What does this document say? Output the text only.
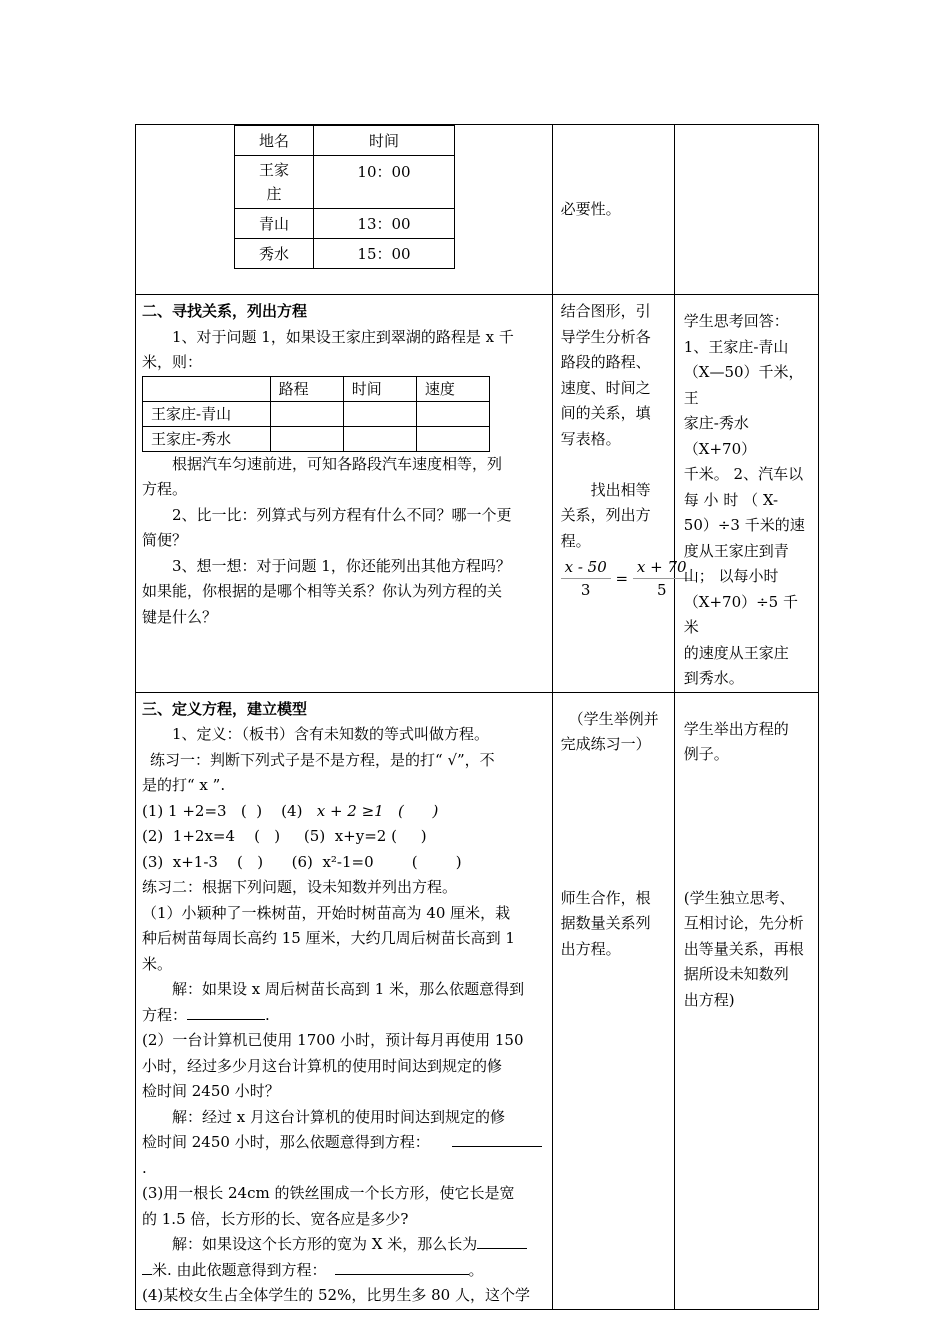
地名	时间
王家庄	10：00
青山	13：00
秀水	15：00

必要性。

二、寻找关系，列出方程

1、对于问题 1，如果设王家庄到翠湖的路程是 x 千

米，则：

	路程	时间	速度
王家庄-青山			
王家庄-秀水			

根据汽车匀速前进，可知各路段汽车速度相等，列

方程。

2、比一比：列算式与列方程有什么不同？哪一个更

简便？

3、想一想：对于问题 1，你还能列出其他方程吗？

如果能，你根据的是哪个相等关系？你认为列方程的关

键是什么？

结合图形，引

导学生分析各

路段的路程、

速度、时间之

间的关系，填

写表格。

找出相等

关系，列出方

程。

$\frac{x - 50}{3} = \frac{x + 70}{5}$

学生思考回答：

1、王家庄-青山

（X—50）千米，王

家庄-秀水（X+70）

千米。 2、汽车以

每 小 时 （ X-

50）÷3 千米的速

度从王家庄到青

山； 以每小时

（X+70）÷5 千米

的速度从王家庄

到秀水。

三、定义方程，建立模型

1、定义：（板书）含有未知数的等式叫做方程。

练习一：判断下列式子是不是方程，是的打“ √”，不

是的打“ x ”.

(1) 1 +2=3   (  )    (4) x + 2 ≥1   (      )

(2)  1+2x=4    (   )     (5)  x+y=2 (     )

(3)  x+1-3    (   )      (6)  x²-1=0        (        )

练习二：根据下列问题，设未知数并列出方程。

（1）小颖种了一株树苗，开始时树苗高为 40 厘米，栽

种后树苗每周长高约 15 厘米，大约几周后树苗长高到 1

米。

解：如果设 x 周后树苗长高到 1 米，那么依题意得到

方程：	.

(2）一台计算机已使用 1700 小时，预计每月再使用 150

小时，经过多少月这台计算机的使用时间达到规定的修

检时间 2450 小时？

解：经过 x 月这台计算机的使用时间达到规定的修

检时间 2450 小时，那么依题意得到方程：.

(3)用一根长 24cm 的铁丝围成一个长方形，使它长是宽

的 1.5 倍，长方形的长、宽各应是多少?

解：如果设这个长方形的宽为 X 米，那么长为

米. 由此依题意得到方程：	。

(4)某校女生占全体学生的 52%，比男生多 80 人，这个学

（学生举例并

完成练习一）

师生合作，根

据数量关系列

出方程。

学生举出方程的

例子。

(学生独立思考、

互相讨论，先分析

出等量关系，再根

据所设未知数列

出方程)
